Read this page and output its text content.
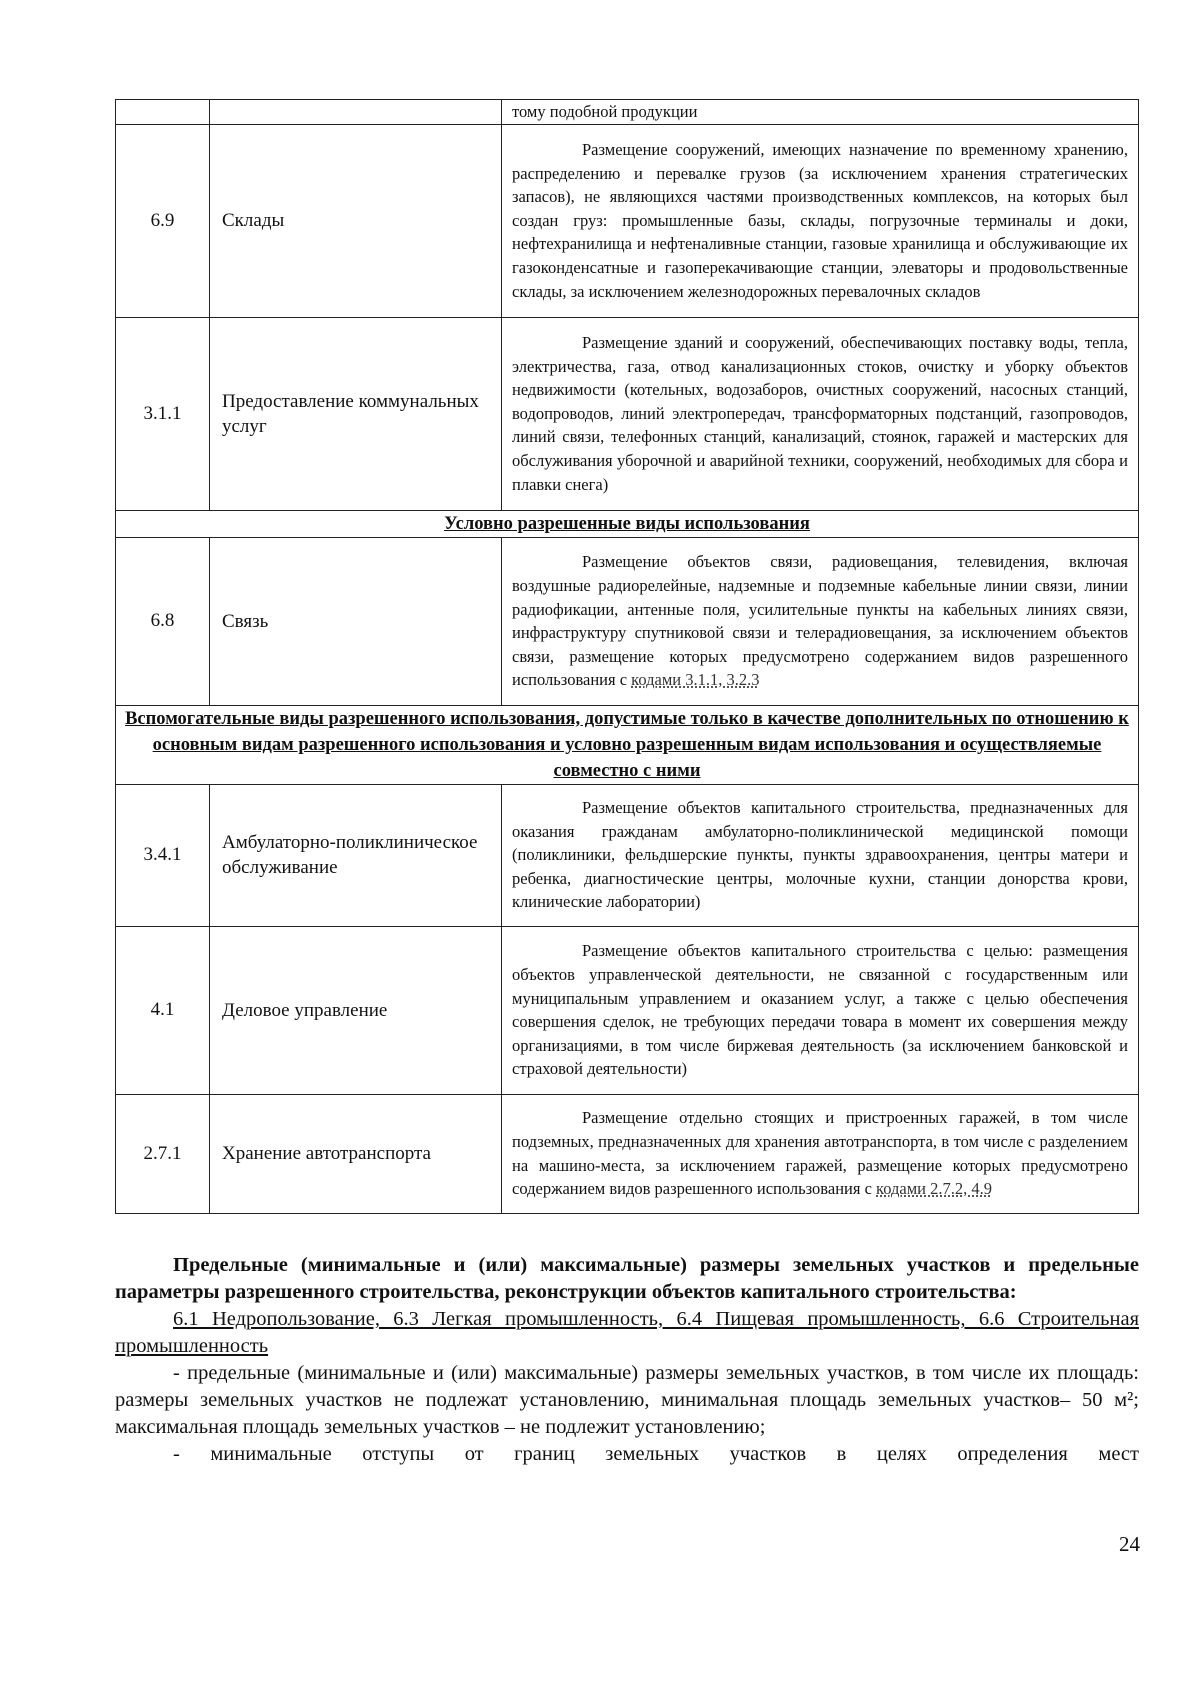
		тому подобной продукции
6.9	Склады	Размещение сооружений, имеющих назначение по временному хранению, распределению и перевалке грузов (за исключением хранения стратегических запасов), не являющихся частями производственных комплексов, на которых был создан груз: промышленные базы, склады, погрузочные терминалы и доки, нефтехранилища и нефтеналивные станции, газовые хранилища и обслуживающие их газоконденсатные и газоперекачивающие станции, элеваторы и продовольственные склады, за исключением железнодорожных перевалочных складов

3.1.1	Предоставление коммунальных услуг	Размещение зданий и сооружений, обеспечивающих поставку воды, тепла, электричества, газа, отвод канализационных стоков, очистку и уборку объектов недвижимости (котельных, водозаборов, очистных сооружений, насосных станций, водопроводов, линий электропередач, трансформаторных подстанций, газопроводов, линий связи, телефонных станций, канализаций, стоянок, гаражей и мастерских для обслуживания уборочной и аварийной техники, сооружений, необходимых для сбора и плавки снега)

Условно разрешенные виды использования		
6.8	Связь	Размещение объектов связи, радиовещания, телевидения, включая воздушные радиорелейные, надземные и подземные кабельные линии связи, линии радиофикации, антенные поля, усилительные пункты на кабельных линиях связи, инфраструктуру спутниковой связи и телерадиовещания, за исключением объектов связи, размещение которых предусмотрено содержанием видов разрешенного использования с кодами 3.1.1, 3.2.3

Вспомогательные виды разрешенного использования, допустимые только в качестве дополнительных по отношению к основным видам разрешенного использования и условно разрешенным видам использования и осуществляемые совместно с ними		
3.4.1	Амбулаторно-поликлиническое обслуживание	Размещение объектов капитального строительства, предназначенных для оказания гражданам амбулаторно-поликлинической медицинской помощи (поликлиники, фельдшерские пункты, пункты здравоохранения, центры матери и ребенка, диагностические центры, молочные кухни, станции донорства крови, клинические лаборатории)

4.1	Деловое управление	Размещение объектов капитального строительства с целью: размещения объектов управленческой деятельности, не связанной с государственным или муниципальным управлением и оказанием услуг, а также с целью обеспечения совершения сделок, не требующих передачи товара в момент их совершения между организациями, в том числе биржевая деятельность (за исключением банковской и страховой деятельности)

2.7.1	Хранение автотранспорта	Размещение отдельно стоящих и пристроенных гаражей, в том числе подземных, предназначенных для хранения автотранспорта, в том числе с разделением на машино-места, за исключением гаражей, размещение которых предусмотрено содержанием видов разрешенного использования с кодами 2.7.2, 4.9
Предельные (минимальные и (или) максимальные) размеры земельных участков и предельные параметры разрешенного строительства, реконструкции объектов капитального строительства:
6.1 Недропользование, 6.3 Легкая промышленность, 6.4 Пищевая промышленность, 6.6 Строительная промышленность
- предельные (минимальные и (или) максимальные) размеры земельных участков, в том числе их площадь: размеры земельных участков не подлежат установлению, минимальная площадь земельных участков– 50 м²; максимальная площадь земельных участков – не подлежит установлению;
- минимальные отступы от границ земельных участков в целях определения мест
24
